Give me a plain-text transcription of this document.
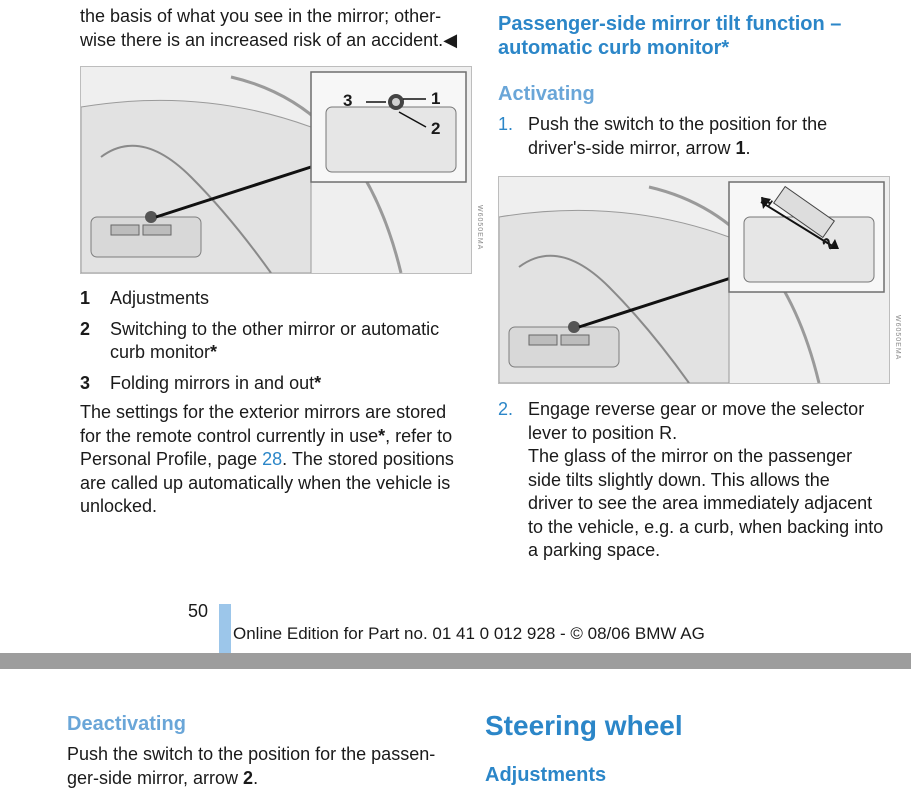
the basis of what you see in the mirror; other-
wise there is an increased risk of an accident.◀
3	1
2
W6050EMA
1 Adjustments
2 Switching to the other mirror or automatic
curb monitor*
3 Folding mirrors in and out*
The settings for the exterior mirrors are stored
for the remote control currently in use*, refer to
Personal Profile, page 28. The stored positions
are called up automatically when the vehicle is
unlocked.
Passenger-side mirror tilt function –
automatic curb monitor*
Activating
1. Push the switch to the position for the
driver's-side mirror, arrow 1.
1
2
W6050EMA
2. Engage reverse gear or move the selector
lever to position R.
The glass of the mirror on the passenger
side tilts slightly down. This allows the
driver to see the area immediately adjacent
to the vehicle, e.g. a curb, when backing into
a parking space.
50
Online Edition for Part no. 01 41 0 012 928 - © 08/06 BMW AG
Deactivating
Push the switch to the position for the passen-
ger-side mirror, arrow 2.
Steering wheel
Adjustments
